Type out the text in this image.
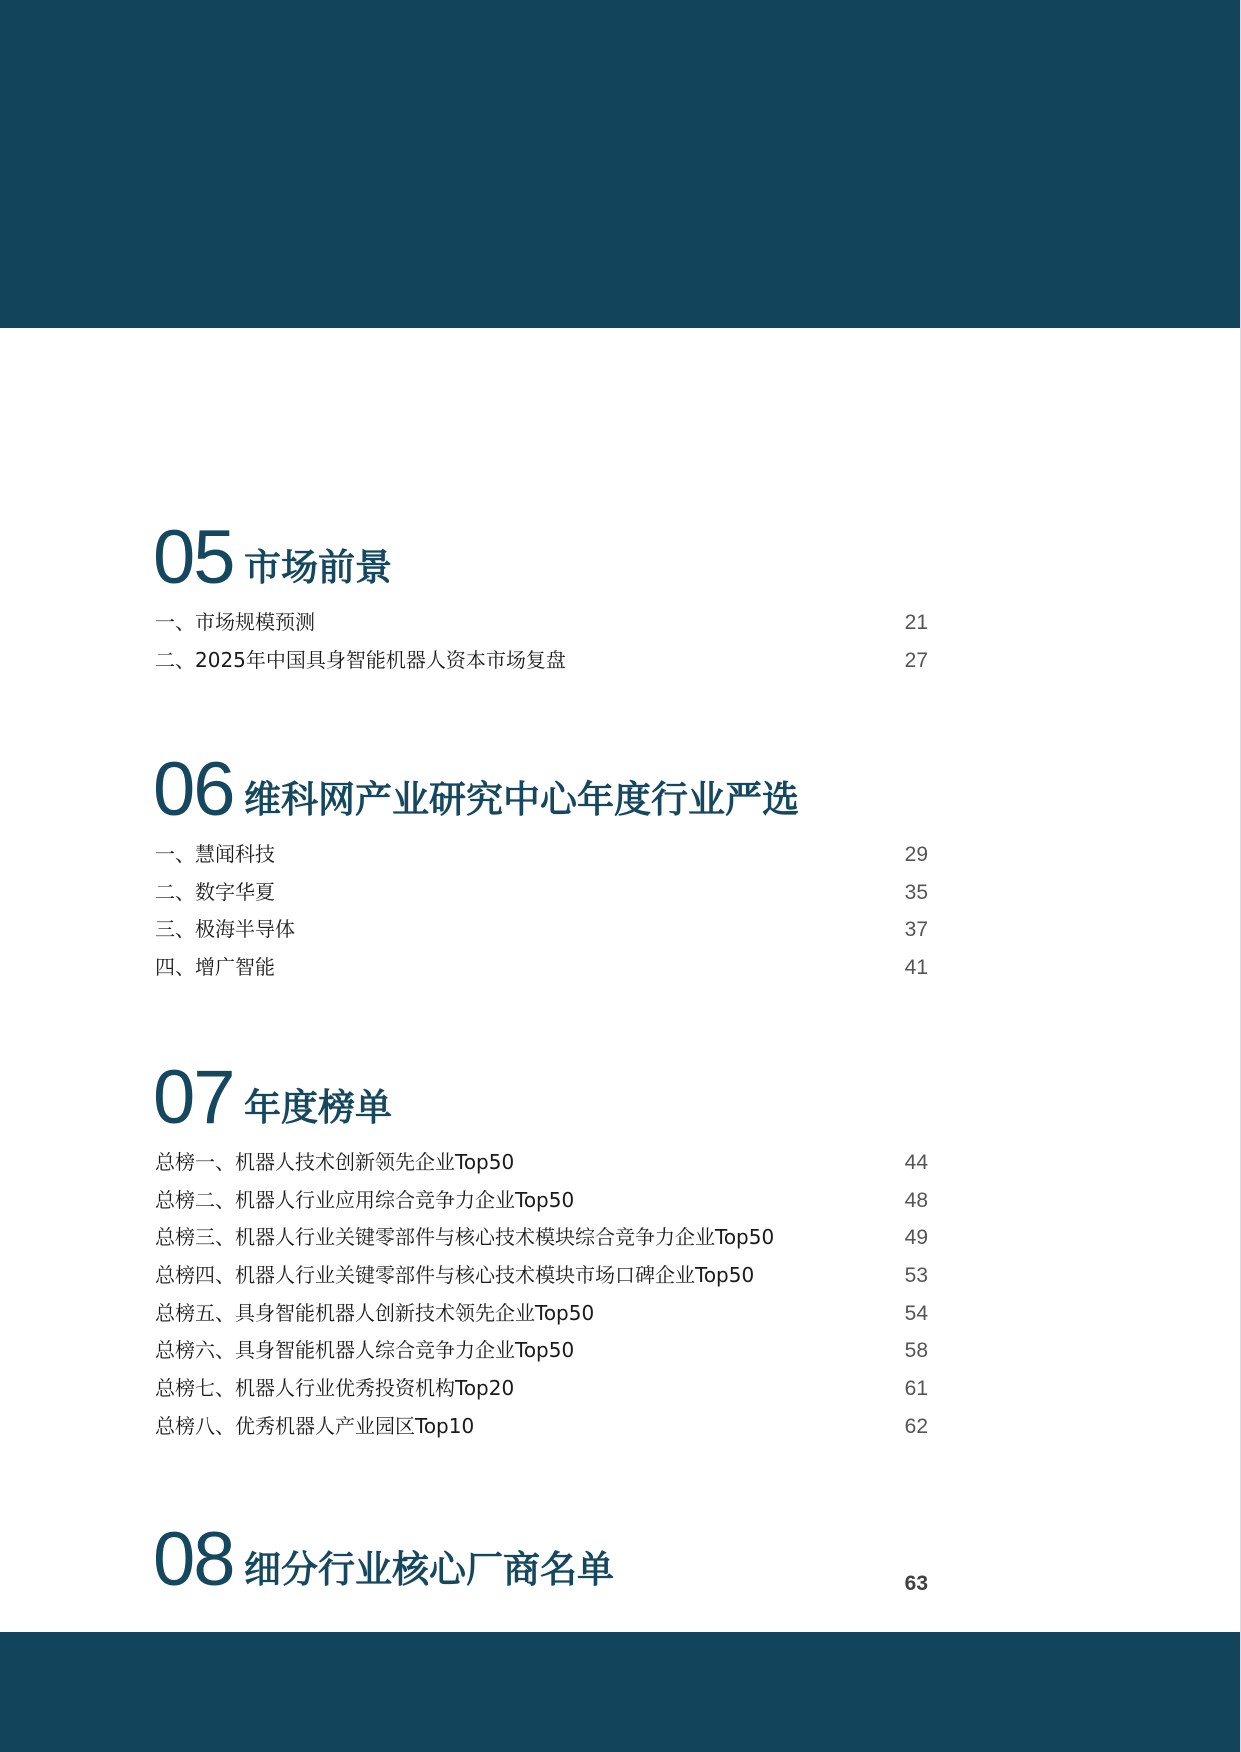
05 市场前景
一、市场规模预测	21
二、2025年中国具身智能机器人资本市场复盘	27
06 维科网产业研究中心年度行业严选
一、慧闻科技	29
二、数字华夏	35
三、极海半导体	37
四、增广智能	41
07 年度榜单
总榜一、机器人技术创新领先企业Top50	44
总榜二、机器人行业应用综合竞争力企业Top50	48
总榜三、机器人行业关键零部件与核心技术模块综合竞争力企业Top50	49
总榜四、机器人行业关键零部件与核心技术模块市场口碑企业Top50	53
总榜五、具身智能机器人创新技术领先企业Top50	54
总榜六、具身智能机器人综合竞争力企业Top50	58
总榜七、机器人行业优秀投资机构Top20	61
总榜八、优秀机器人产业园区Top10	62
08 细分行业核心厂商名单	63
